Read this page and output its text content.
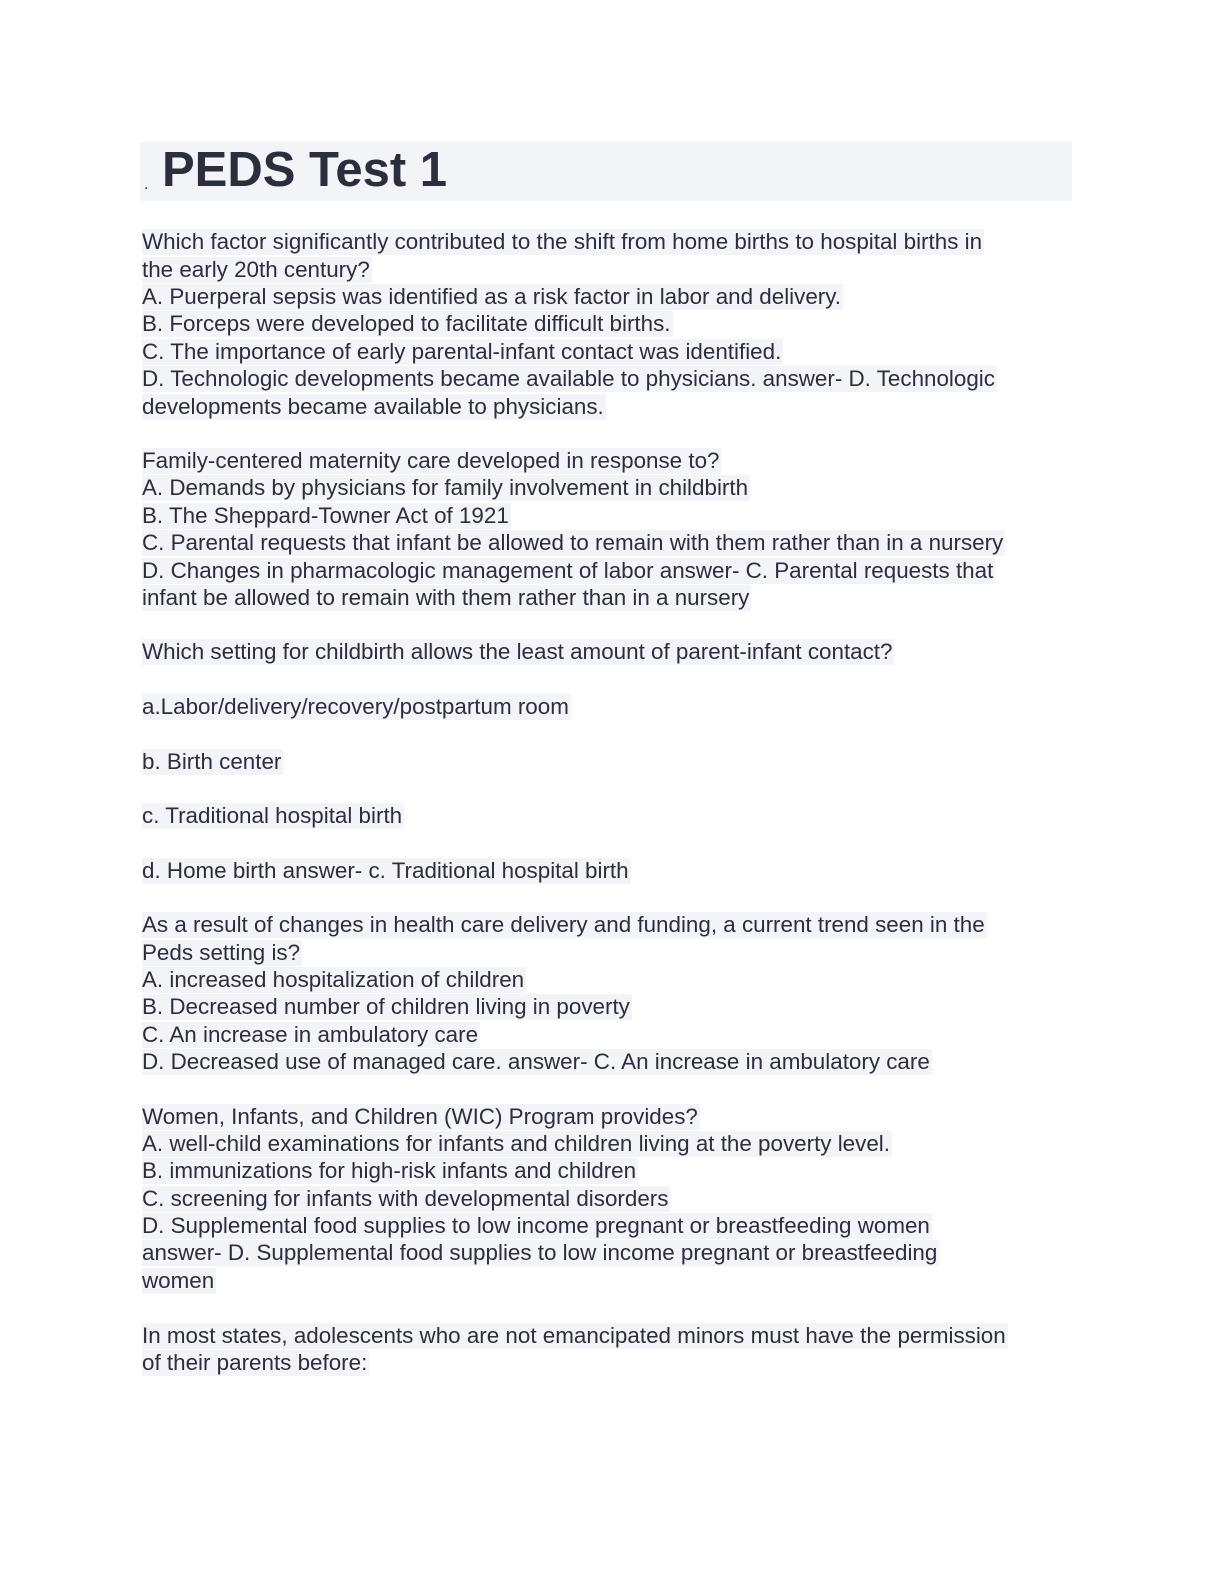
. PEDS Test 1
Which factor significantly contributed to the shift from home births to hospital births in
the early 20th century?
A. Puerperal sepsis was identified as a risk factor in labor and delivery.
B. Forceps were developed to facilitate difficult births.
C. The importance of early parental-infant contact was identified.
D. Technologic developments became available to physicians. answer- D. Technologic
developments became available to physicians.
Family-centered maternity care developed in response to?
A. Demands by physicians for family involvement in childbirth
B. The Sheppard-Towner Act of 1921
C. Parental requests that infant be allowed to remain with them rather than in a nursery
D. Changes in pharmacologic management of labor answer- C. Parental requests that
infant be allowed to remain with them rather than in a nursery
Which setting for childbirth allows the least amount of parent-infant contact?
a.Labor/delivery/recovery/postpartum room
b. Birth center
c. Traditional hospital birth
d. Home birth answer- c. Traditional hospital birth
As a result of changes in health care delivery and funding, a current trend seen in the
Peds setting is?
A. increased hospitalization of children
B. Decreased number of children living in poverty
C. An increase in ambulatory care
D. Decreased use of managed care. answer- C. An increase in ambulatory care
Women, Infants, and Children (WIC) Program provides?
A. well-child examinations for infants and children living at the poverty level.
B. immunizations for high-risk infants and children
C. screening for infants with developmental disorders
D. Supplemental food supplies to low income pregnant or breastfeeding women
answer- D. Supplemental food supplies to low income pregnant or breastfeeding
women
In most states, adolescents who are not emancipated minors must have the permission
of their parents before:
